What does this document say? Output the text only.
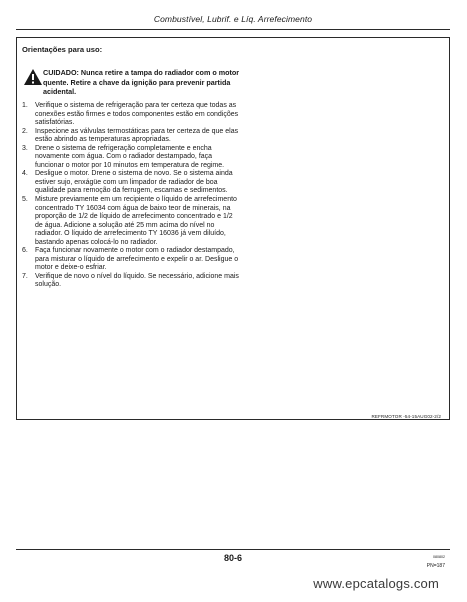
Combustível, Lubrif. e Líq. Arrefecimento
Orientações para uso:
CUIDADO: Nunca retire a tampa do radiador com o motor quente. Retire a chave da ignição para prevenir partida acidental.
1. Verifique o sistema de refrigeração para ter certeza que todas as conexões estão firmes e todos componentes estão em condições satisfatórias.
2. Inspecione as válvulas termostáticas para ter certeza de que elas estão abrindo as temperaturas apropriadas.
3. Drene o sistema de refrigeração completamente e encha novamente com água. Com o radiador destampado, faça funcionar o motor por 10 minutos em temperatura de regime.
4. Desligue o motor. Drene o sistema de novo. Se o sistema ainda estiver sujo, enxágüe com um limpador de radiador de boa qualidade para remoção da ferrugem, escamas e sedimentos.
5. Misture previamente em um recipiente o líquido de arrefecimento concentrado TY 16034 com água de baixo teor de minerais, na proporção de 1/2 de líquido de arrefecimento concentrado e 1/2 de água. Adicione a solução até 25 mm acima do nível no radiador. O líquido de arrefecimento TY 16036 já vem diluído, bastando apenas colocá-lo no radiador.
6. Faça funcionar novamente o motor com o radiador destampado, para misturar o líquido de arrefecimento e expelir o ar. Desligue o motor e deixe-o esfriar.
7. Verifique de novo o nível do líquido. Se necessário, adicione mais solução.
REFRMOTOR -54-15AUG02-2/2
80-6	080802
PN=187
www.epcatalogs.com
